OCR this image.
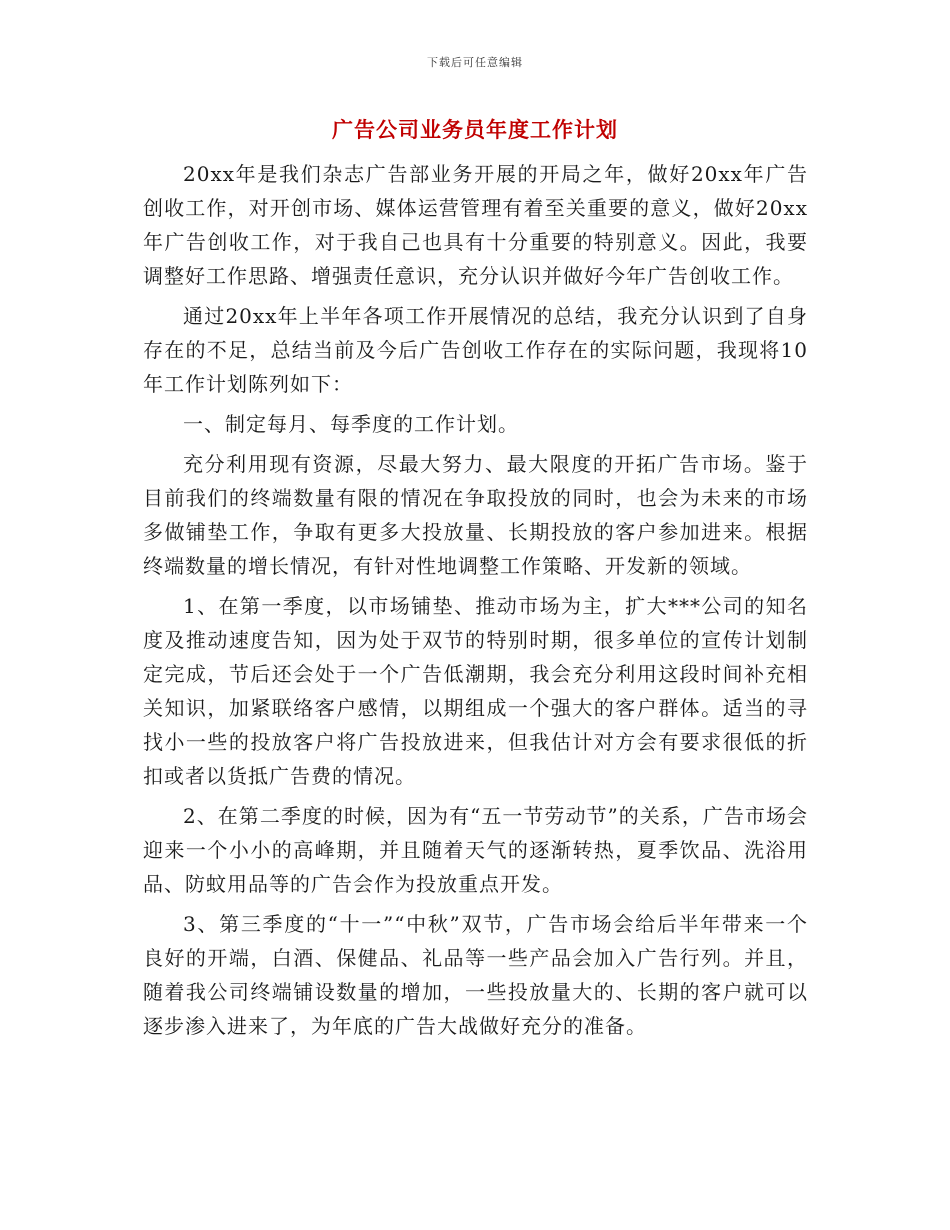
下载后可任意编辑
广告公司业务员年度工作计划

20xx年是我们杂志广告部业务开展的开局之年，做好20xx年广告创收工作，对开创市场、媒体运营管理有着至关重要的意义，做好20xx年广告创收工作，对于我自己也具有十分重要的特别意义。因此，我要调整好工作思路、增强责任意识，充分认识并做好今年广告创收工作。

通过20xx年上半年各项工作开展情况的总结，我充分认识到了自身存在的不足，总结当前及今后广告创收工作存在的实际问题，我现将10年工作计划陈列如下：

一、制定每月、每季度的工作计划。

充分利用现有资源，尽最大努力、最大限度的开拓广告市场。鉴于目前我们的终端数量有限的情况在争取投放的同时，也会为未来的市场多做铺垫工作，争取有更多大投放量、长期投放的客户参加进来。根据终端数量的增长情况，有针对性地调整工作策略、开发新的领域。

1、在第一季度，以市场铺垫、推动市场为主，扩大***公司的知名度及推动速度告知，因为处于双节的特别时期，很多单位的宣传计划制定完成，节后还会处于一个广告低潮期，我会充分利用这段时间补充相关知识，加紧联络客户感情，以期组成一个强大的客户群体。适当的寻找小一些的投放客户将广告投放进来，但我估计对方会有要求很低的折扣或者以货抵广告费的情况。

2、在第二季度的时候，因为有“五一节劳动节”的关系，广告市场会迎来一个小小的高峰期，并且随着天气的逐渐转热，夏季饮品、洗浴用品、防蚊用品等的广告会作为投放重点开发。

3、第三季度的“十一”“中秋”双节，广告市场会给后半年带来一个良好的开端，白酒、保健品、礼品等一些产品会加入广告行列。并且，随着我公司终端铺设数量的增加，一些投放量大的、长期的客户就可以逐步渗入进来了，为年底的广告大战做好充分的准备。
